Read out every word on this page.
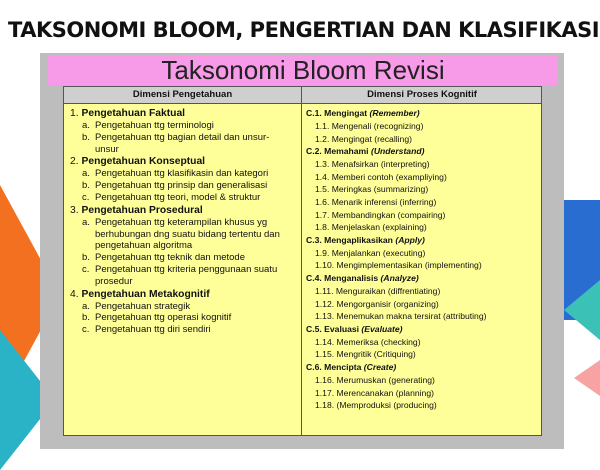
TAKSONOMI BLOOM, PENGERTIAN DAN KLASIFIKASI
Taksonomi Bloom Revisi
Dimensi Pengetahuan	Dimensi Proses Kognitif
1. Pengetahuan Faktual
a. Pengetahuan ttg terminologi
b. Pengetahuan ttg bagian detail dan unsur-unsur
2. Pengetahuan Konseptual
a. Pengetahuan ttg klasifikasin dan kategori
b. Pengetahuan ttg prinsip dan generalisasi
c. Pengetahuan ttg teori, model & struktur
3. Pengetahuan Prosedural
a. Pengetahuan ttg keterampilan khusus yg berhubungan dng suatu bidang tertentu dan pengetahuan algoritma
b. Pengetahuan ttg teknik dan metode
c. Pengetahuan ttg kriteria penggunaan suatu prosedur
4. Pengetahuan Metakognitif
a. Pengetahuan strategik
b. Pengetahuan ttg operasi kognitif
c. Pengetahuan ttg diri sendiri
C.1. Mengingat (Remember)
1.1. Mengenali (recognizing)
1.2. Mengingat (recalling)
C.2. Memahami (Understand)
1.3. Menafsirkan (interpreting)
1.4. Memberi contoh (exampliying)
1.5. Meringkas (summarizing)
1.6. Menarik inferensi (inferring)
1.7. Membandingkan (compairing)
1.8. Menjelaskan (explaining)
C.3. Mengaplikasikan (Apply)
1.9. Menjalankan (executing)
1.10. Mengimplementasikan (implementing)
C.4. Menganalisis (Analyze)
1.11. Menguraikan (diffrentiating)
1.12. Mengorganisir (organizing)
1.13. Menemukan makna tersirat (attributing)
C.5. Evaluasi (Evaluate)
1.14. Memeriksa (checking)
1.15. Mengritik (Critiquing)
C.6. Mencipta (Create)
1.16. Merumuskan (generating)
1.17. Merencanakan (planning)
1.18. (Memproduksi (producing)
